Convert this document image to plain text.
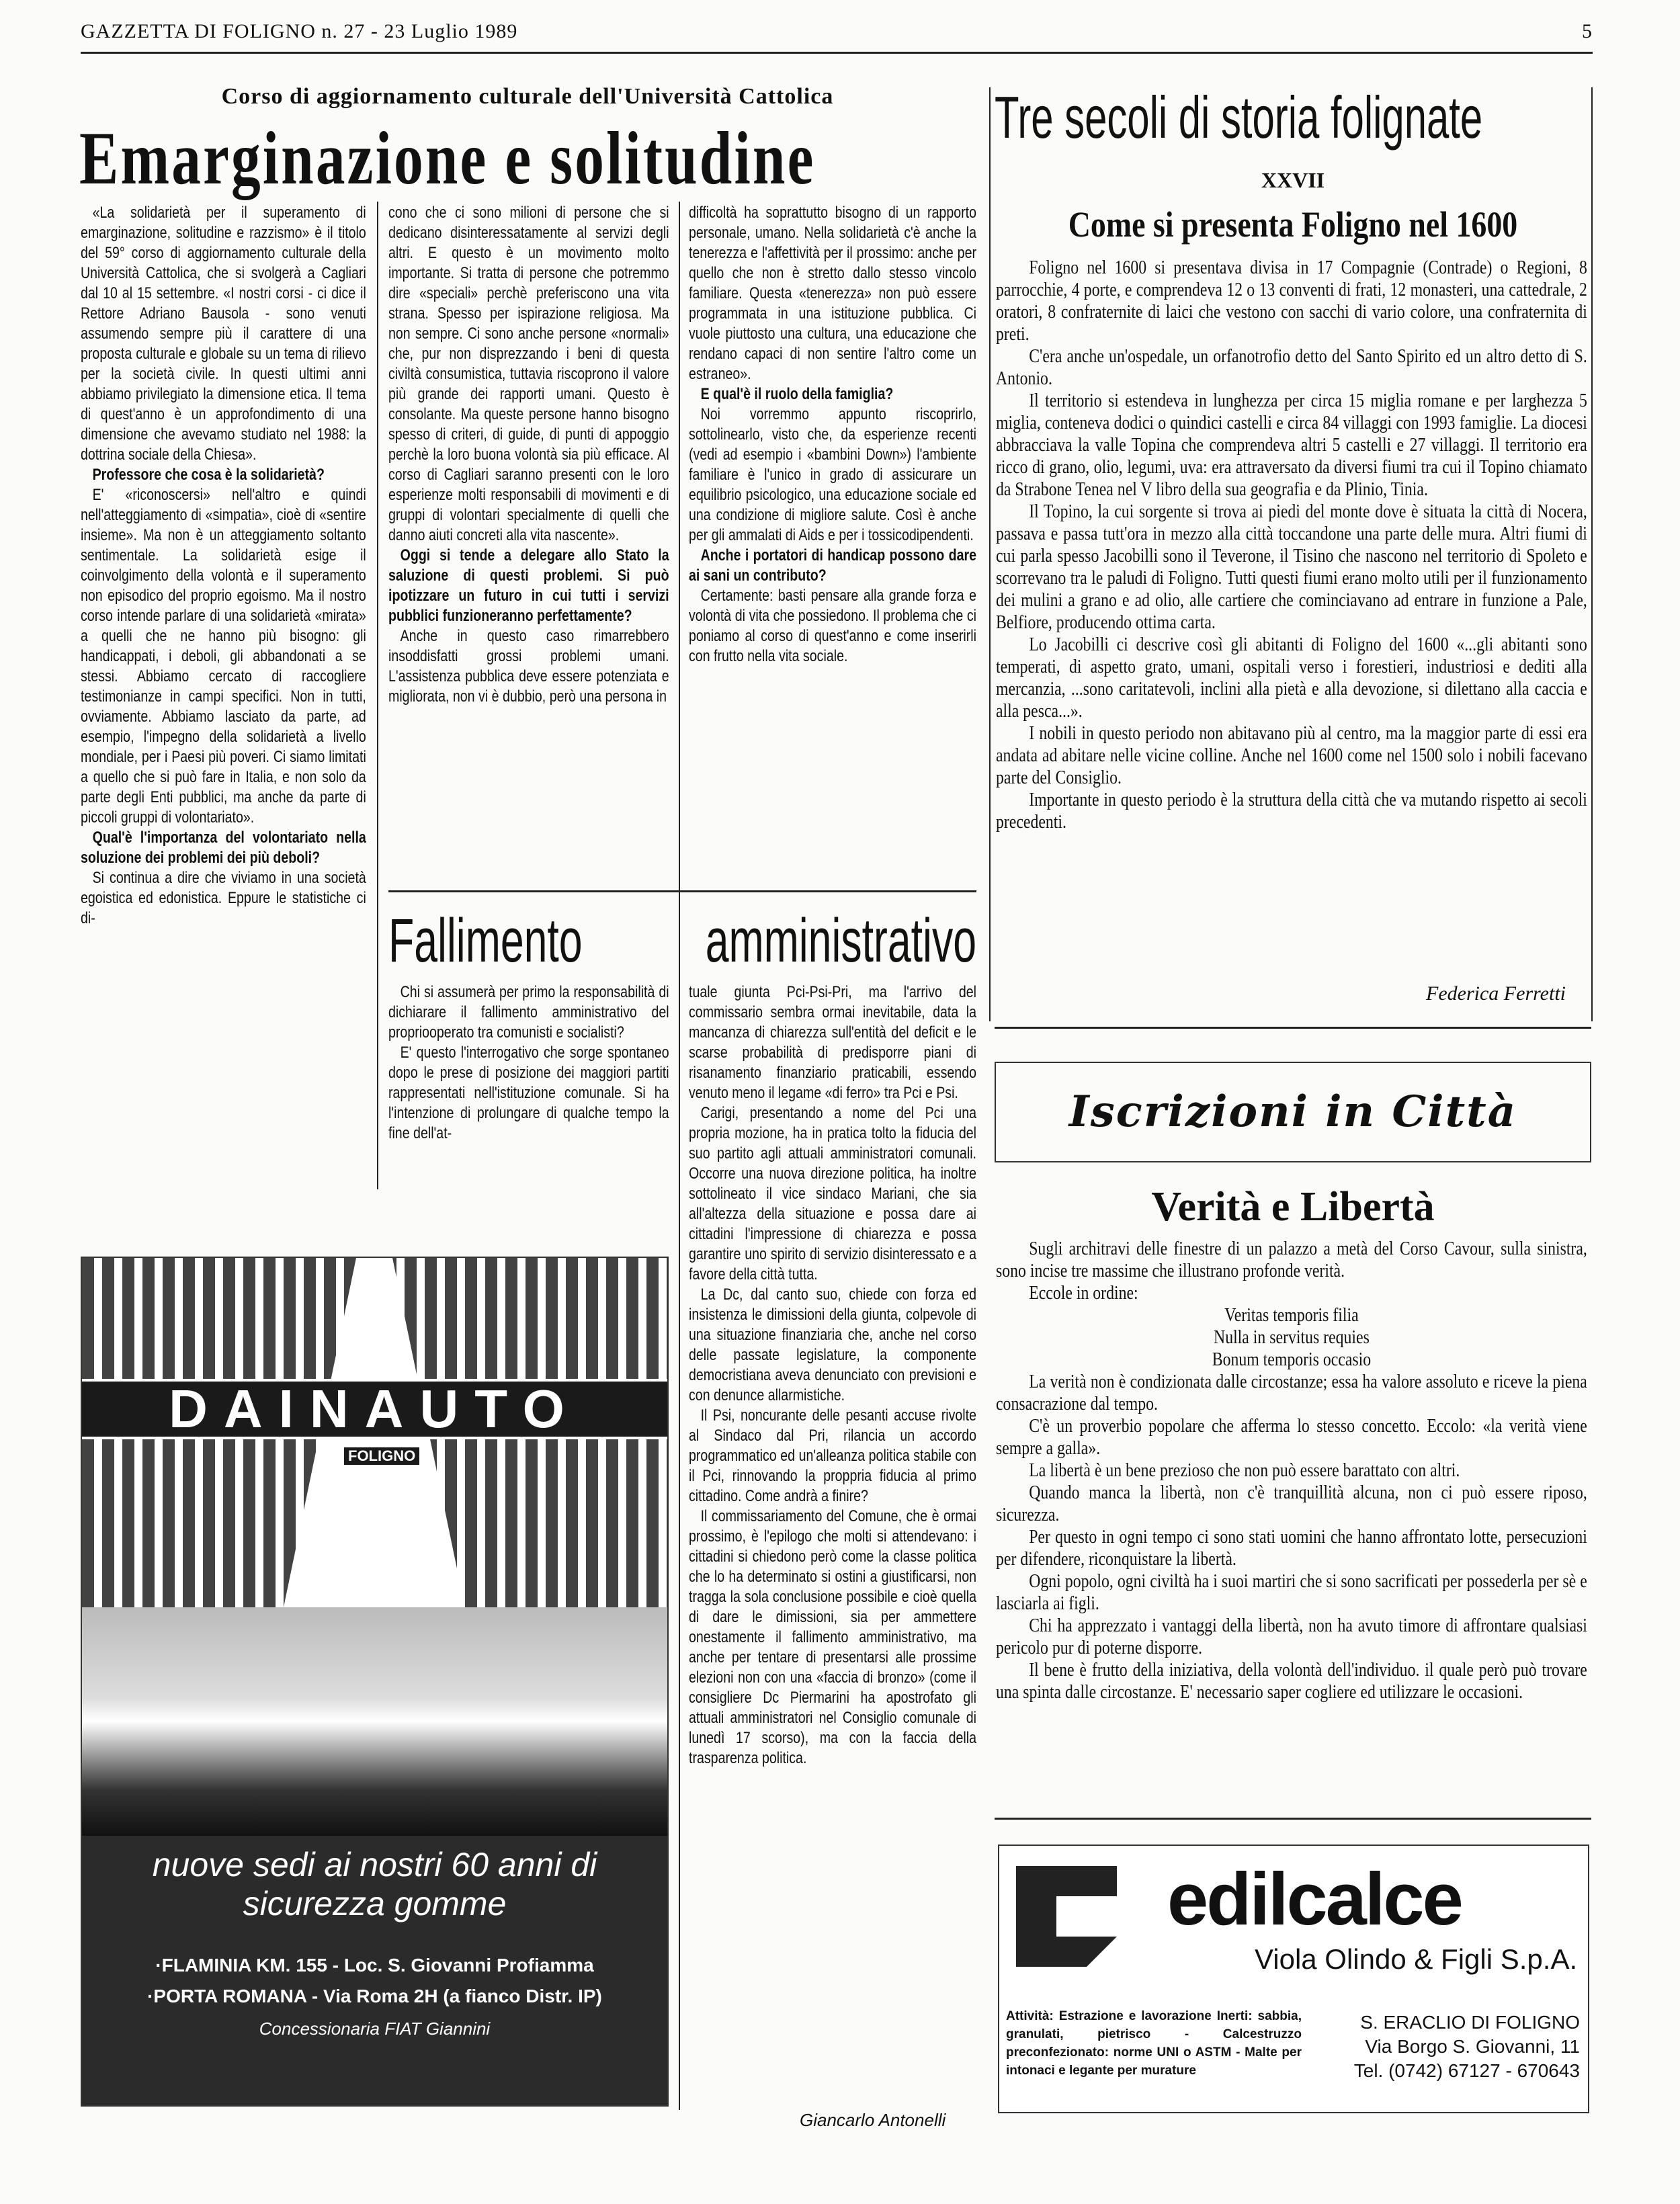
GAZZETTA DI FOLIGNO n. 27 - 23 Luglio 1989	5
Corso di aggiornamento culturale dell'Università Cattolica
Emarginazione e solitudine

«La solidarietà per il superamento di emarginazione, solitudine e razzismo» è il titolo del 59° corso di aggiornamento culturale della Università Cattolica, che si svolgerà a Cagliari dal 10 al 15 settembre. «I nostri corsi - ci dice il Rettore Adriano Bausola - sono venuti assumendo sempre più il carattere di una proposta culturale e globale su un tema di rilievo per la società civile. In questi ultimi anni abbiamo privilegiato la dimensione etica. Il tema di quest'anno è un approfondimento di una dimensione che avevamo studiato nel 1988: la dottrina sociale della Chiesa».

Professore che cosa è la solidarietà?

E' «riconoscersi» nell'altro e quindi nell'atteggiamento di «simpatia», cioè di «sentire insieme». Ma non è un atteggiamento soltanto sentimentale. La solidarietà esige il coinvolgimento della volontà e il superamento non episodico del proprio egoismo. Ma il nostro corso intende parlare di una solidarietà «mirata» a quelli che ne hanno più bisogno: gli handicappati, i deboli, gli abbandonati a se stessi. Abbiamo cercato di raccogliere testimonianze in campi specifici. Non in tutti, ovviamente. Abbiamo lasciato da parte, ad esempio, l'impegno della solidarietà a livello mondiale, per i Paesi più poveri. Ci siamo limitati a quello che si può fare in Italia, e non solo da parte degli Enti pubblici, ma anche da parte di piccoli gruppi di volontariato».

Qual'è l'importanza del volontariato nella soluzione dei problemi dei più deboli?

Si continua a dire che viviamo in una società egoistica ed edonistica. Eppure le statistiche ci di-

cono che ci sono milioni di persone che si dedicano disinteressatamente al servizi degli altri. E questo è un movimento molto importante. Si tratta di persone che potremmo dire «speciali» perchè preferiscono una vita strana. Spesso per ispirazione religiosa. Ma non sempre. Ci sono anche persone «normali» che, pur non disprezzando i beni di questa civiltà consumistica, tuttavia riscoprono il valore più grande dei rapporti umani. Questo è consolante. Ma queste persone hanno bisogno spesso di criteri, di guide, di punti di appoggio perchè la loro buona volontà sia più efficace. Al corso di Cagliari saranno presenti con le loro esperienze molti responsabili di movimenti e di gruppi di volontari specialmente di quelli che danno aiuti concreti alla vita nascente».

Oggi si tende a delegare allo Stato la saluzione di questi problemi. Si può ipotizzare un futuro in cui tutti i servizi pubblici funzioneranno perfettamente?

Anche in questo caso rimarrebbero insoddisfatti grossi problemi umani. L'assistenza pubblica deve essere potenziata e migliorata, non vi è dubbio, però una persona in

difficoltà ha soprattutto bisogno di un rapporto personale, umano. Nella solidarietà c'è anche la tenerezza e l'affettività per il prossimo: anche per quello che non è stretto dallo stesso vincolo familiare. Questa «tenerezza» non può essere programmata in una istituzione pubblica. Ci vuole piuttosto una cultura, una educazione che rendano capaci di non sentire l'altro come un estraneo».

E qual'è il ruolo della famiglia?

Noi vorremmo appunto riscoprirlo, sottolinearlo, visto che, da esperienze recenti (vedi ad esempio i «bambini Down») l'ambiente familiare è l'unico in grado di assicurare un equilibrio psicologico, una educazione sociale ed una condizione di migliore salute. Così è anche per gli ammalati di Aids e per i tossicodipendenti.

Anche i portatori di handicap possono dare ai sani un contributo?

Certamente: basti pensare alla grande forza e volontà di vita che possiedono. Il problema che ci poniamo al corso di quest'anno e come inserirli con frutto nella vita sociale.

Fallimento amministrativo

Chi si assumerà per primo la responsabilità di dichiarare il fallimento amministrativo del propriooperato tra comunisti e socialisti?

E' questo l'interrogativo che sorge spontaneo dopo le prese di posizione dei maggiori partiti rappresentati nell'istituzione comunale. Si ha l'intenzione di prolungare di qualche tempo la fine dell'at-

tuale giunta Pci-Psi-Pri, ma l'arrivo del commissario sembra ormai inevitabile, data la mancanza di chiarezza sull'entità del deficit e le scarse probabilità di predisporre piani di risanamento finanziario praticabili, essendo venuto meno il legame «di ferro» tra Pci e Psi.

Carigi, presentando a nome del Pci una propria mozione, ha in pratica tolto la fiducia del suo partito agli attuali amministratori comunali. Occorre una nuova direzione politica, ha inoltre sottolineato il vice sindaco Mariani, che sia all'altezza della situazione e possa dare ai cittadini l'impressione di chiarezza e possa garantire uno spirito di servizio disinteressato e a favore della città tutta.

La Dc, dal canto suo, chiede con forza ed insistenza le dimissioni della giunta, colpevole di una situazione finanziaria che, anche nel corso delle passate legislature, la componente democristiana aveva denunciato con previsioni e con denunce allarmistiche.

Il Psi, noncurante delle pesanti accuse rivolte al Sindaco dal Pri, rilancia un accordo programmatico ed un'alleanza politica stabile con il Pci, rinnovando la proppria fiducia al primo cittadino. Come andrà a finire?

Il commissariamento del Comune, che è ormai prossimo, è l'epilogo che molti si attendevano: i cittadini si chiedono però come la classe politica che lo ha determinato si ostini a giustificarsi, non tragga la sola conclusione possibile e cioè quella di dare le dimissioni, sia per ammettere onestamente il fallimento amministrativo, ma anche per tentare di presentarsi alle prossime elezioni non con una «faccia di bronzo» (come il consigliere Dc Piermarini ha apostrofato gli attuali amministratori nel Consiglio comunale di lunedì 17 scorso), ma con la faccia della trasparenza politica.

Giancarlo Antonelli
DAINAUTO
FOLIGNO
nuove sedi ai nostri 60 anni di
sicurezza gomme
·FLAMINIA KM. 155 - Loc. S. Giovanni Profiamma
·PORTA ROMANA - Via Roma 2H (a fianco Distr. IP)
Concessionaria FIAT Giannini
Tre secoli di storia folignate
XXVII
Come si presenta Foligno nel 1600

Foligno nel 1600 si presentava divisa in 17 Compagnie (Contrade) o Regioni, 8 parrocchie, 4 porte, e comprendeva 12 o 13 conventi di frati, 12 monasteri, una cattedrale, 2 oratori, 8 confraternite di laici che vestono con sacchi di vario colore, una confraternita di preti.

C'era anche un'ospedale, un orfanotrofio detto del Santo Spirito ed un altro detto di S. Antonio.

Il territorio si estendeva in lunghezza per circa 15 miglia romane e per larghezza 5 miglia, conteneva dodici o quindici castelli e circa 84 villaggi con 1993 famiglie. La diocesi abbracciava la valle Topina che comprendeva altri 5 castelli e 27 villaggi. Il territorio era ricco di grano, olio, legumi, uva: era attraversato da diversi fiumi tra cui il Topino chiamato da Strabone Tenea nel V libro della sua geografia e da Plinio, Tinia.

Il Topino, la cui sorgente si trova ai piedi del monte dove è situata la città di Nocera, passava e passa tutt'ora in mezzo alla città toccandone una parte delle mura. Altri fiumi di cui parla spesso Jacobilli sono il Teverone, il Tisino che nascono nel territorio di Spoleto e scorrevano tra le paludi di Foligno. Tutti questi fiumi erano molto utili per il funzionamento dei mulini a grano e ad olio, alle cartiere che cominciavano ad entrare in funzione a Pale, Belfiore, producendo ottima carta.

Lo Jacobilli ci descrive così gli abitanti di Foligno del 1600 «...gli abitanti sono temperati, di aspetto grato, umani, ospitali verso i forestieri, industriosi e dediti alla mercanzia, ...sono caritatevoli, inclini alla pietà e alla devozione, si dilettano alla caccia e alla pesca...».

I nobili in questo periodo non abitavano più al centro, ma la maggior parte di essi era andata ad abitare nelle vicine colline. Anche nel 1600 come nel 1500 solo i nobili facevano parte del Consiglio.

Importante in questo periodo è la struttura della città che va mutando rispetto ai secoli precedenti.

Federica Ferretti
Iscrizioni in Città
Verità e Libertà

Sugli architravi delle finestre di un palazzo a metà del Corso Cavour, sulla sinistra, sono incise tre massime che illustrano profonde verità.

Eccole in ordine:

Veritas temporis filia

Nulla in servitus requies

Bonum temporis occasio

La verità non è condizionata dalle circostanze; essa ha valore assoluto e riceve la piena consacrazione dal tempo.

C'è un proverbio popolare che afferma lo stesso concetto. Eccolo: «la verità viene sempre a galla».

La libertà è un bene prezioso che non può essere barattato con altri.

Quando manca la libertà, non c'è tranquillità alcuna, non ci può essere riposo, sicurezza.

Per questo in ogni tempo ci sono stati uomini che hanno affrontato lotte, persecuzioni per difendere, riconquistare la libertà.

Ogni popolo, ogni civiltà ha i suoi martiri che si sono sacrificati per possederla per sè e lasciarla ai figli.

Chi ha apprezzato i vantaggi della libertà, non ha avuto timore di affrontare qualsiasi pericolo pur di poterne disporre.

Il bene è frutto della iniziativa, della volontà dell'individuo. il quale però può trovare una spinta dalle circostanze. E' necessario saper cogliere ed utilizzare le occasioni.

edilcalce
Viola Olindo & Figli S.p.A.
Attività: Estrazione e lavorazione Inerti: sabbia, granulati, pietrisco - Calcestruzzo preconfezionato: norme UNI o ASTM - Malte per intonaci e legante per murature
S. ERACLIO DI FOLIGNO
Via Borgo S. Giovanni, 11
Tel. (0742) 67127 - 670643
